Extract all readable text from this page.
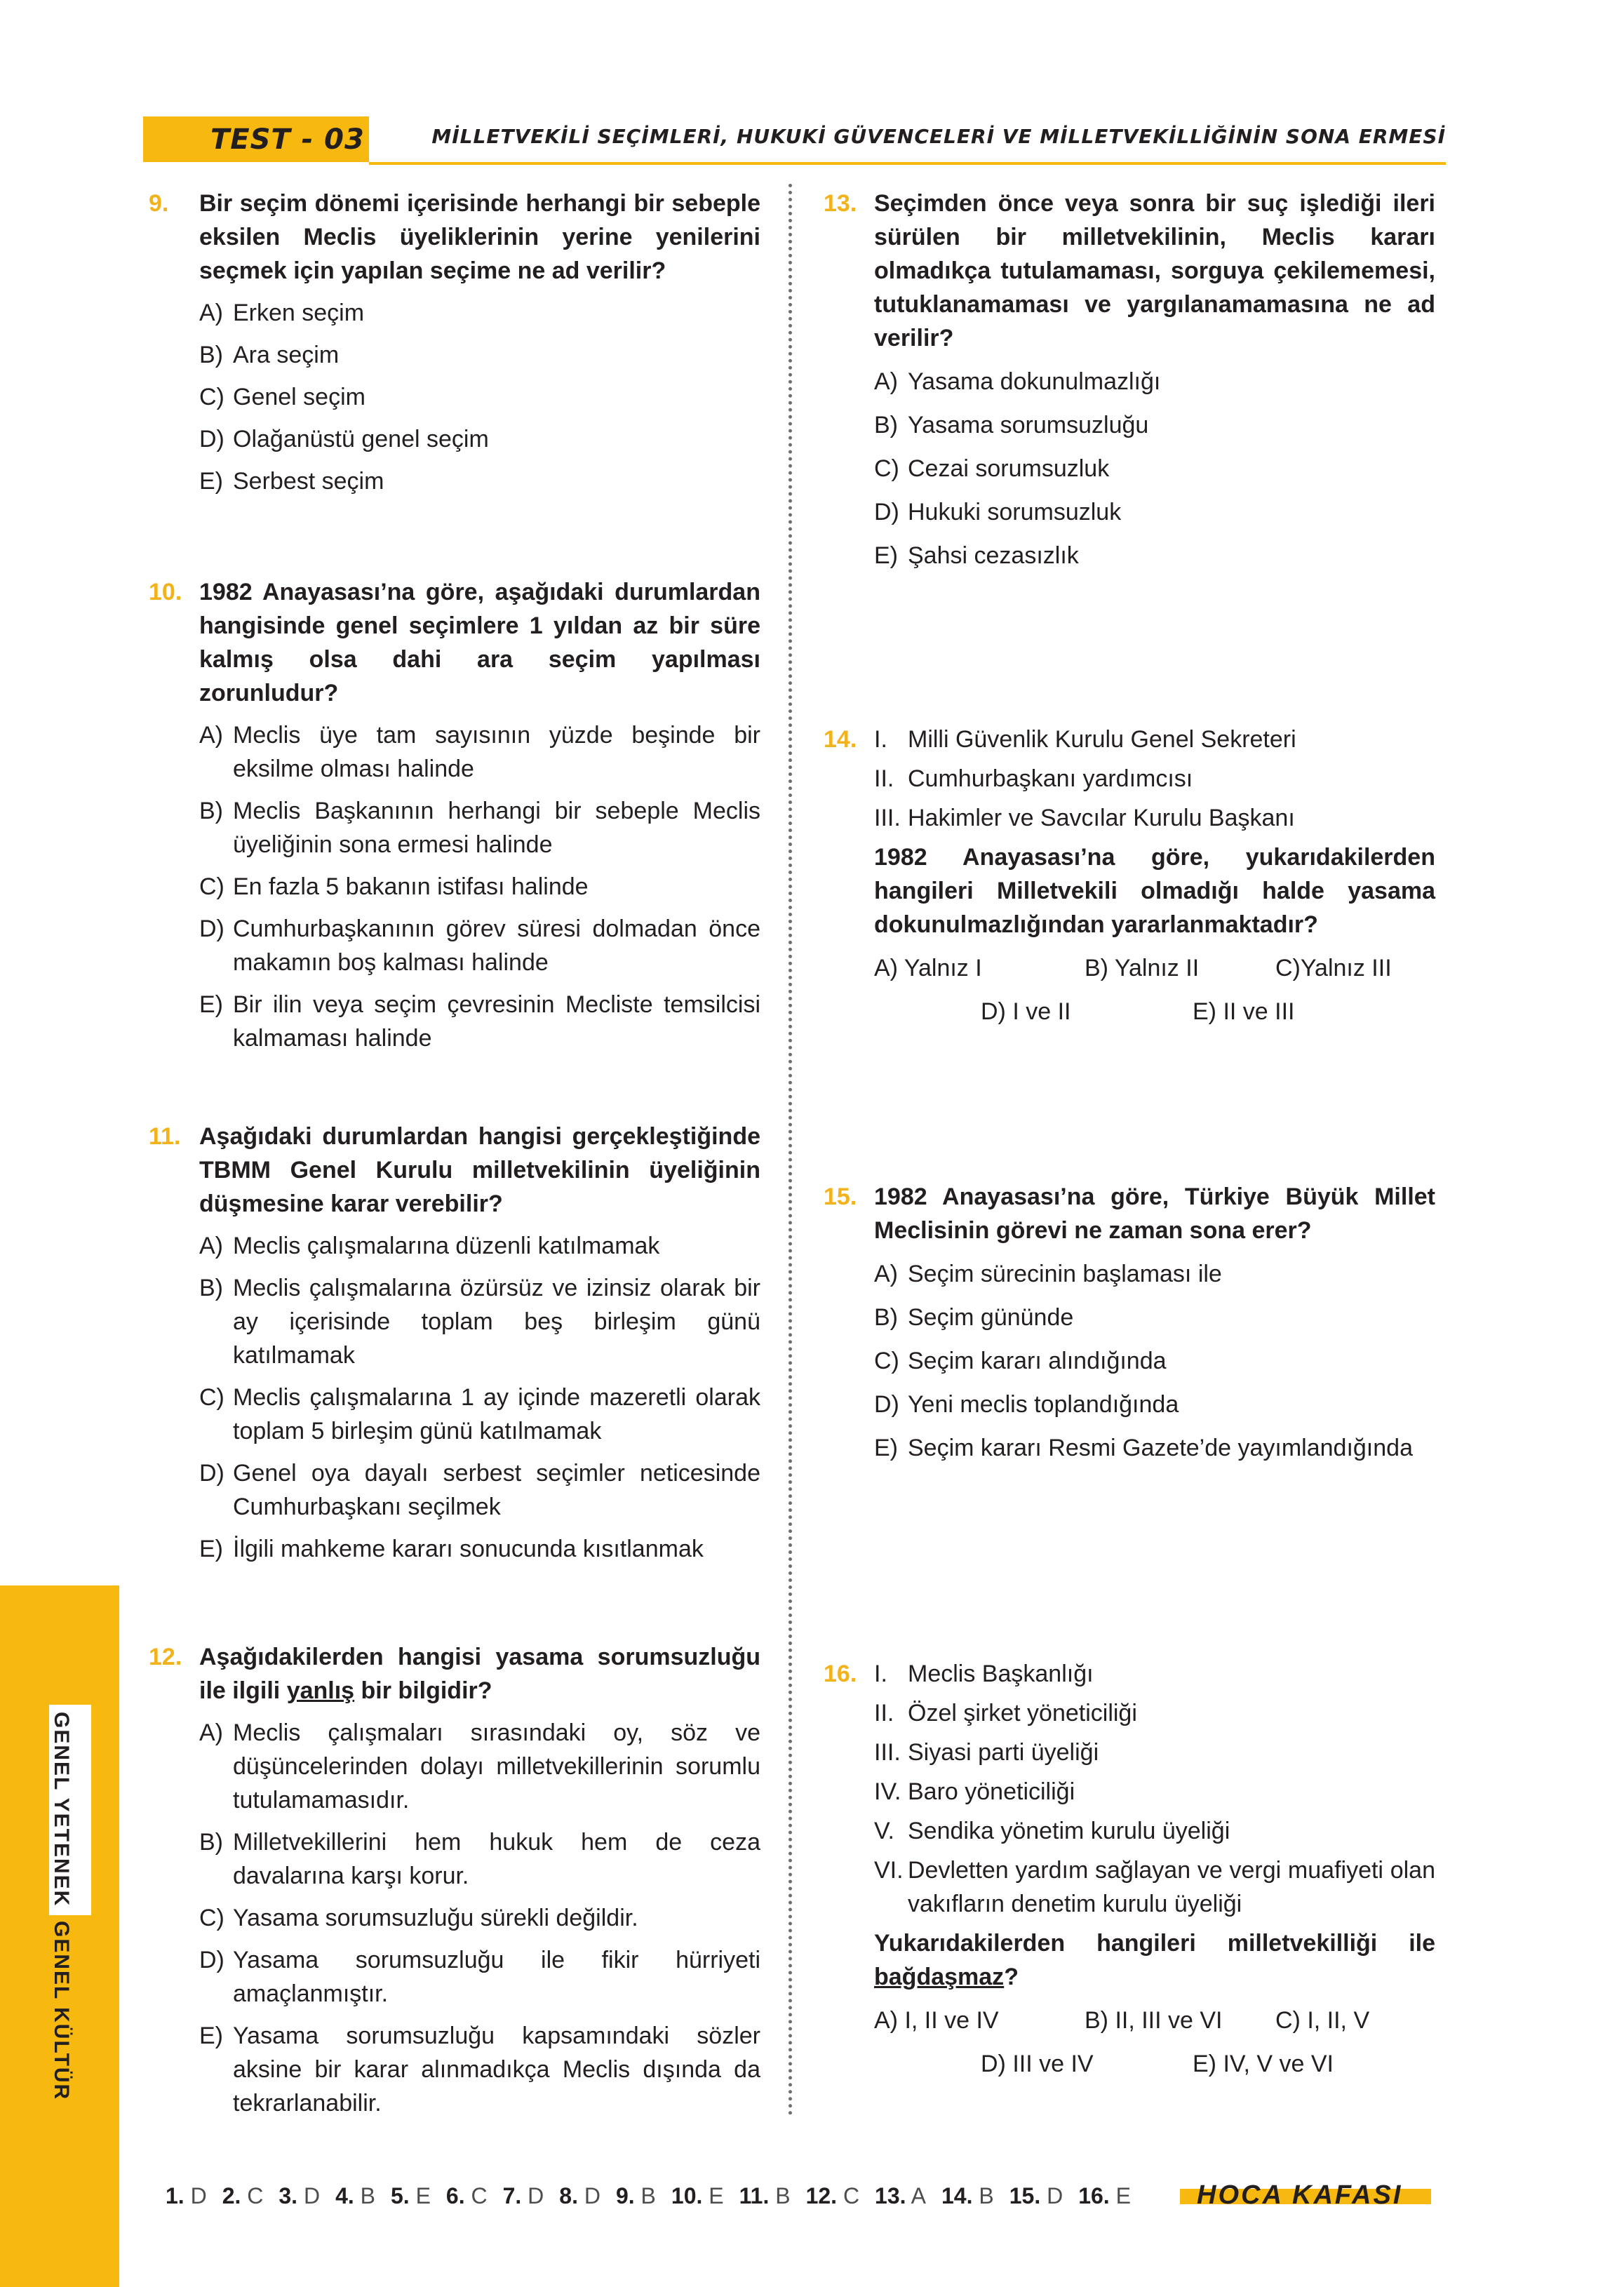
TEST - 03	MİLLETVEKİLİ SEÇİMLERİ, HUKUKİ GÜVENCELERİ VE MİLLETVEKİLLİĞİNİN SONA ERMESİ
GENEL YETENEK
GENEL KÜLTÜR
9. Bir seçim dönemi içerisinde herhangi bir sebeple eksilen Meclis üyeliklerinin yerine yenilerini seçmek için yapılan seçime ne ad verilir?
A) Erken seçim
B) Ara seçim
C) Genel seçim
D) Olağanüstü genel seçim
E) Serbest seçim
10. 1982 Anayasası’na göre, aşağıdaki durumlardan hangisinde genel seçimlere 1 yıldan az bir süre kalmış olsa dahi ara seçim yapılması zorunludur?
A) Meclis üye tam sayısının yüzde beşinde bir eksilme olması halinde
B) Meclis Başkanının herhangi bir sebeple Meclis üyeliğinin sona ermesi halinde
C) En fazla 5 bakanın istifası halinde
D) Cumhurbaşkanının görev süresi dolmadan önce makamın boş kalması halinde
E) Bir ilin veya seçim çevresinin Mecliste temsilcisi kalmaması halinde
11. Aşağıdaki durumlardan hangisi gerçekleştiğinde TBMM Genel Kurulu milletvekilinin üyeliğinin düşmesine karar verebilir?
A) Meclis çalışmalarına düzenli katılmamak
B) Meclis çalışmalarına özürsüz ve izinsiz olarak bir ay içerisinde toplam beş birleşim günü katılmamak
C) Meclis çalışmalarına 1 ay içinde mazeretli olarak toplam 5 birleşim günü katılmamak
D) Genel oya dayalı serbest seçimler neticesinde Cumhurbaşkanı seçilmek
E) İlgili mahkeme kararı sonucunda kısıtlanmak
12. Aşağıdakilerden hangisi yasama sorumsuzluğu ile ilgili yanlış bir bilgidir?
A) Meclis çalışmaları sırasındaki oy, söz ve düşüncelerinden dolayı milletvekillerinin sorumlu tutulamamasıdır.
B) Milletvekillerini hem hukuk hem de ceza davalarına karşı korur.
C) Yasama sorumsuzluğu sürekli değildir.
D) Yasama sorumsuzluğu ile fikir hürriyeti amaçlanmıştır.
E) Yasama sorumsuzluğu kapsamındaki sözler aksine bir karar alınmadıkça Meclis dışında da tekrarlanabilir.
13. Seçimden önce veya sonra bir suç işlediği ileri sürülen bir milletvekilinin, Meclis kararı olmadıkça tutulamaması, sorguya çekilememesi, tutuklanamaması ve yargılanamamasına ne ad verilir?
A) Yasama dokunulmazlığı
B) Yasama sorumsuzluğu
C) Cezai sorumsuzluk
D) Hukuki sorumsuzluk
E) Şahsi cezasızlık
14. I. Milli Güvenlik Kurulu Genel Sekreteri
II. Cumhurbaşkanı yardımcısı
III. Hakimler ve Savcılar Kurulu Başkanı
1982 Anayasası’na göre, yukarıdakilerden hangileri Milletvekili olmadığı halde yasama dokunulmazlığından yararlanmaktadır?
A) Yalnız I	B) Yalnız II	C)Yalnız III
D) I ve II	E) II ve III
15. 1982 Anayasası’na göre, Türkiye Büyük Millet Meclisinin görevi ne zaman sona erer?
A) Seçim sürecinin başlaması ile
B) Seçim gününde
C) Seçim kararı alındığında
D) Yeni meclis toplandığında
E) Seçim kararı Resmi Gazete’de yayımlandığında
16. I. Meclis Başkanlığı
II. Özel şirket yöneticiliği
III. Siyasi parti üyeliği
IV. Baro yöneticiliği
V. Sendika yönetim kurulu üyeliği
VI. Devletten yardım sağlayan ve vergi muafiyeti olan vakıfların denetim kurulu üyeliği
Yukarıdakilerden hangileri milletvekilliği ile bağdaşmaz?
A) I, II ve IV	B) II, III ve VI C) I, II, V
D) III ve IV	E) IV, V ve VI
1. D 2. C 3. D 4. B 5. E 6. C 7. D 8. D 9. B 10. E 11. B 12. C 13. A 14. B 15. D 16. E	HOCA KAFASI
